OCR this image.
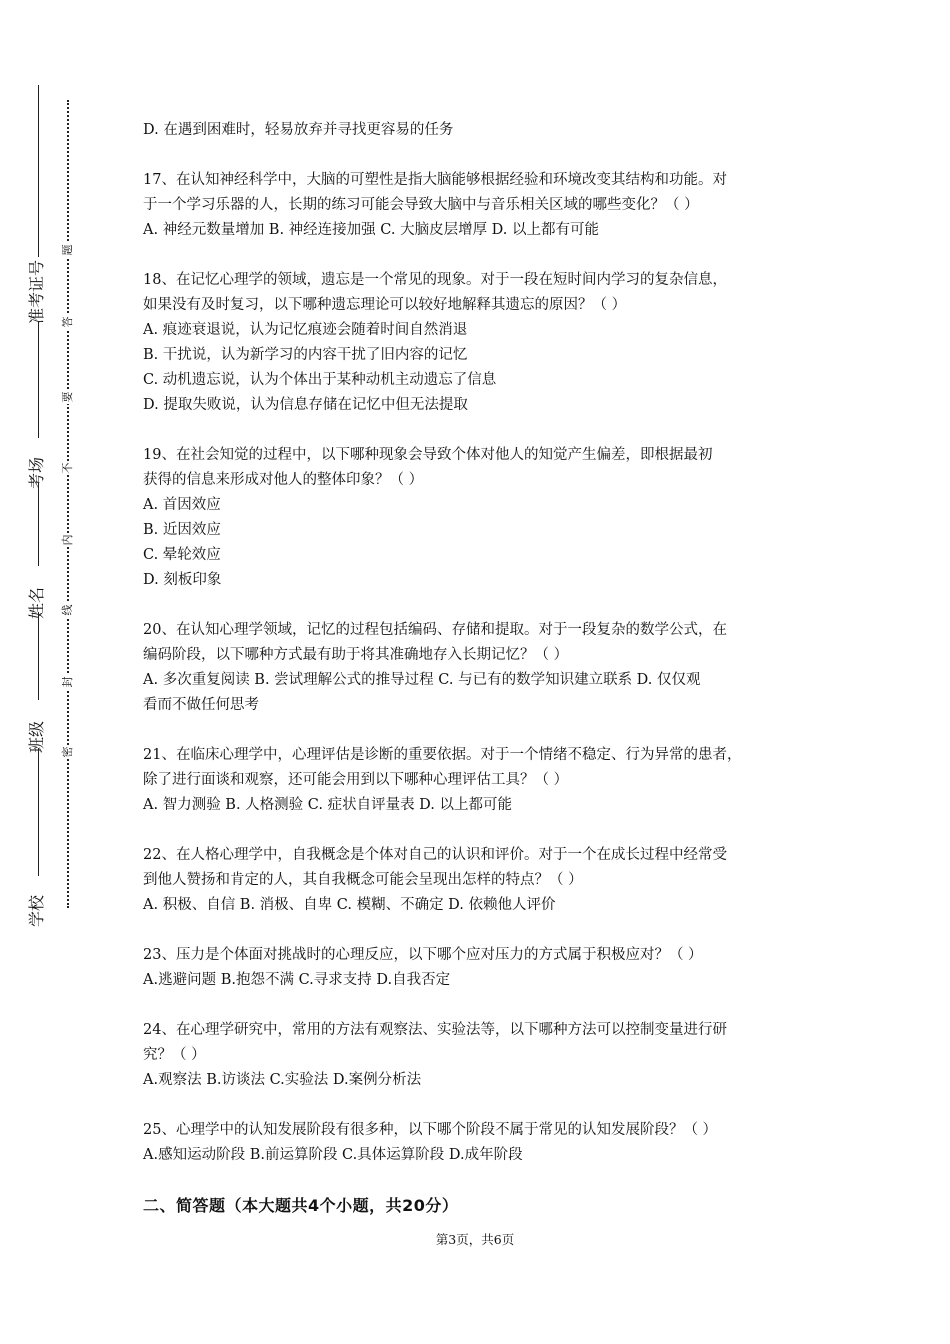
准考证号
考场
姓名
班级
学校
题
答
要
不
内
线
封
密

D. 在遇到困难时，轻易放弃并寻找更容易的任务

17、在认知神经科学中，大脑的可塑性是指大脑能够根据经验和环境改变其结构和功能。对

于一个学习乐器的人，长期的练习可能会导致大脑中与音乐相关区域的哪些变化？（ ）

A. 神经元数量增加 B. 神经连接加强 C. 大脑皮层增厚 D. 以上都有可能

18、在记忆心理学的领域，遗忘是一个常见的现象。对于一段在短时间内学习的复杂信息，

如果没有及时复习，以下哪种遗忘理论可以较好地解释其遗忘的原因？（ ）

A. 痕迹衰退说，认为记忆痕迹会随着时间自然消退

B. 干扰说，认为新学习的内容干扰了旧内容的记忆

C. 动机遗忘说，认为个体出于某种动机主动遗忘了信息

D. 提取失败说，认为信息存储在记忆中但无法提取

19、在社会知觉的过程中，以下哪种现象会导致个体对他人的知觉产生偏差，即根据最初

获得的信息来形成对他人的整体印象？（ ）

A. 首因效应

B. 近因效应

C. 晕轮效应

D. 刻板印象

20、在认知心理学领域，记忆的过程包括编码、存储和提取。对于一段复杂的数学公式，在

编码阶段，以下哪种方式最有助于将其准确地存入长期记忆？（ ）

A. 多次重复阅读 B. 尝试理解公式的推导过程 C. 与已有的数学知识建立联系 D. 仅仅观

看而不做任何思考

21、在临床心理学中，心理评估是诊断的重要依据。对于一个情绪不稳定、行为异常的患者，

除了进行面谈和观察，还可能会用到以下哪种心理评估工具？（ ）

A. 智力测验 B. 人格测验 C. 症状自评量表 D. 以上都可能

22、在人格心理学中，自我概念是个体对自己的认识和评价。对于一个在成长过程中经常受

到他人赞扬和肯定的人，其自我概念可能会呈现出怎样的特点？（ ）

A. 积极、自信 B. 消极、自卑 C. 模糊、不确定 D. 依赖他人评价

23、压力是个体面对挑战时的心理反应，以下哪个应对压力的方式属于积极应对？（ ）

A.逃避问题 B.抱怨不满 C.寻求支持 D.自我否定

24、在心理学研究中，常用的方法有观察法、实验法等，以下哪种方法可以控制变量进行研

究？（ ）

A.观察法 B.访谈法 C.实验法 D.案例分析法

25、心理学中的认知发展阶段有很多种，以下哪个阶段不属于常见的认知发展阶段？（ ）

A.感知运动阶段 B.前运算阶段 C.具体运算阶段 D.成年阶段

二、简答题（本大题共4个小题，共20分）
第3页，共6页
